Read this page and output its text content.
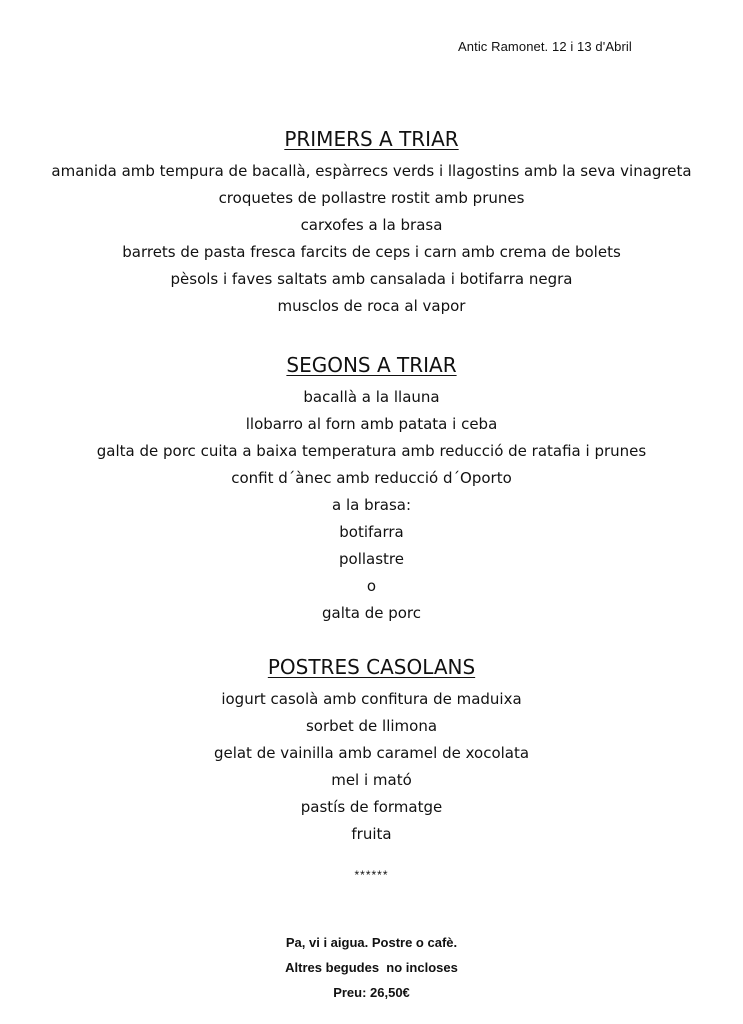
Antic Ramonet. 12 i 13 d'Abril
PRIMERS A TRIAR
amanida amb tempura de bacallà, espàrrecs verds i llagostins amb la seva vinagreta
croquetes de pollastre rostit amb prunes
carxofes a la brasa
barrets de pasta fresca farcits de ceps i carn amb crema de bolets
pèsols i faves saltats amb cansalada i botifarra negra
musclos de roca al vapor
SEGONS A TRIAR
bacallà a la llauna
llobarro al forn amb patata i ceba
galta de porc cuita a baixa temperatura amb reducció de ratafia i prunes
confit d´ànec amb reducció d´Oporto
a la brasa:
botifarra
pollastre
o
galta de porc
POSTRES CASOLANS
iogurt casolà amb confitura de maduixa
sorbet de llimona
gelat de vainilla amb caramel de xocolata
mel i mató
pastís de formatge
fruita
******
Pa, vi i aigua. Postre o cafè.
Altres begudes  no incloses
Preu: 26,50€
